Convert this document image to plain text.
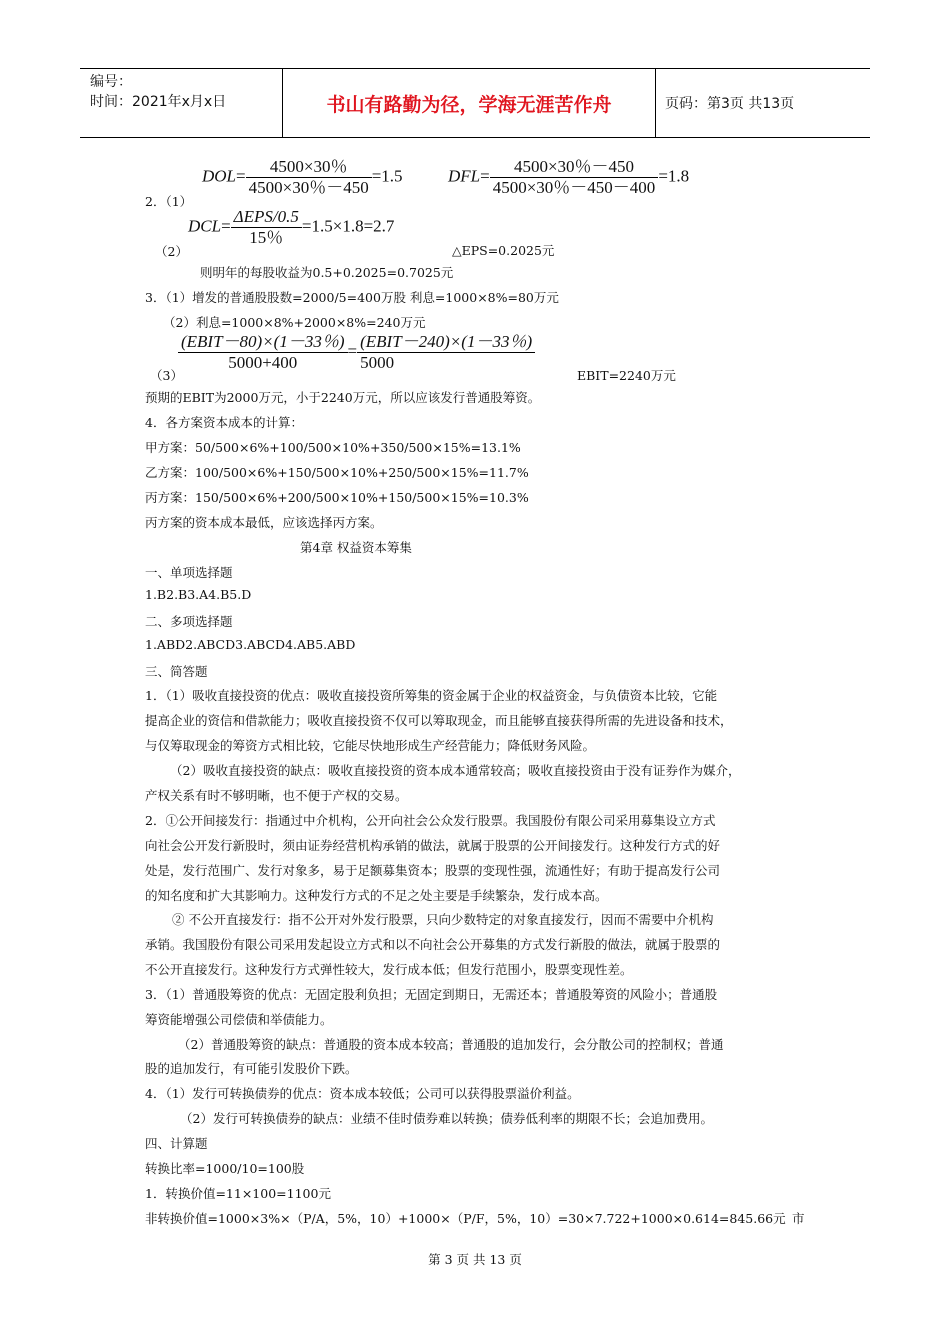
编号：
时间：2021年x月x日	书山有路勤为径，学海无涯苦作舟	页码：第3页 共13页
2．（1）
$DOL= \frac{4500\times 30\%}{4500\times 30\%-450} =1.5$	$DFL= \frac{4500\times 30\%-450}{4500\times 30\%-450-400} =1.8$
（2）
$DCL= \frac{\text{ΔEPS/0.5}}{15\%} =1.5\times 1.8=2.7$
△EPS=0.2025元
则明年的每股收益为0.5+0.2025=0.7025元
3．（1）增发的普通股股数=2000/5=400万股 利息=1000×8%=80万元
（2）利息=1000×8%+2000×8%=240万元
（3）
$\frac{\text{(EBIT－80)×(1－33％)}}{5000+400} = \frac{\text{(EBIT－240)×(1－33％)}}{5000}$
EBIT=2240万元
预期的EBIT为2000万元，小于2240万元，所以应该发行普通股筹资。
4．各方案资本成本的计算：
甲方案：50/500×6%+100/500×10%+350/500×15%=13.1%
乙方案：100/500×6%+150/500×10%+250/500×15%=11.7%
丙方案：150/500×6%+200/500×10%+150/500×15%=10.3%
丙方案的资本成本最低，应该选择丙方案。
第4章 权益资本筹集
一、单项选择题
1.B2.B3.A4.B5.D
二、多项选择题
1.ABD2.ABCD3.ABCD4.AB5.ABD
三、简答题
1．（1）吸收直接投资的优点：吸收直接投资所筹集的资金属于企业的权益资金，与负债资本比较，它能
提高企业的资信和借款能力；吸收直接投资不仅可以筹取现金，而且能够直接获得所需的先进设备和技术，
与仅筹取现金的筹资方式相比较，它能尽快地形成生产经营能力；降低财务风险。
（2）吸收直接投资的缺点：吸收直接投资的资本成本通常较高；吸收直接投资由于没有证券作为媒介，
产权关系有时不够明晰，也不便于产权的交易。
2．①公开间接发行：指通过中介机构，公开向社会公众发行股票。我国股份有限公司采用募集设立方式
向社会公开发行新股时，须由证券经营机构承销的做法，就属于股票的公开间接发行。这种发行方式的好
处是，发行范围广、发行对象多，易于足额募集资本；股票的变现性强，流通性好；有助于提高发行公司
的知名度和扩大其影响力。这种发行方式的不足之处主要是手续繁杂，发行成本高。
② 不公开直接发行：指不公开对外发行股票，只向少数特定的对象直接发行，因而不需要中介机构
承销。我国股份有限公司采用发起设立方式和以不向社会公开募集的方式发行新股的做法，就属于股票的
不公开直接发行。这种发行方式弹性较大，发行成本低；但发行范围小，股票变现性差。
3．（1）普通股筹资的优点：无固定股利负担；无固定到期日，无需还本；普通股筹资的风险小；普通股
筹资能增强公司偿债和举债能力。
（2）普通股筹资的缺点：普通股的资本成本较高；普通股的追加发行，会分散公司的控制权；普通
股的追加发行，有可能引发股价下跌。
4．（1）发行可转换债券的优点：资本成本较低；公司可以获得股票溢价利益。
（2）发行可转换债券的缺点：业绩不佳时债券难以转换；债券低利率的期限不长；会追加费用。
四、计算题
转换比率=1000/10=100股
1．转换价值=11×100=1100元
非转换价值=1000×3%×（P/A，5%，10）+1000×（P/F，5%，10）=30×7.722+1000×0.614=845.66元 市
第 3 页 共 13 页
